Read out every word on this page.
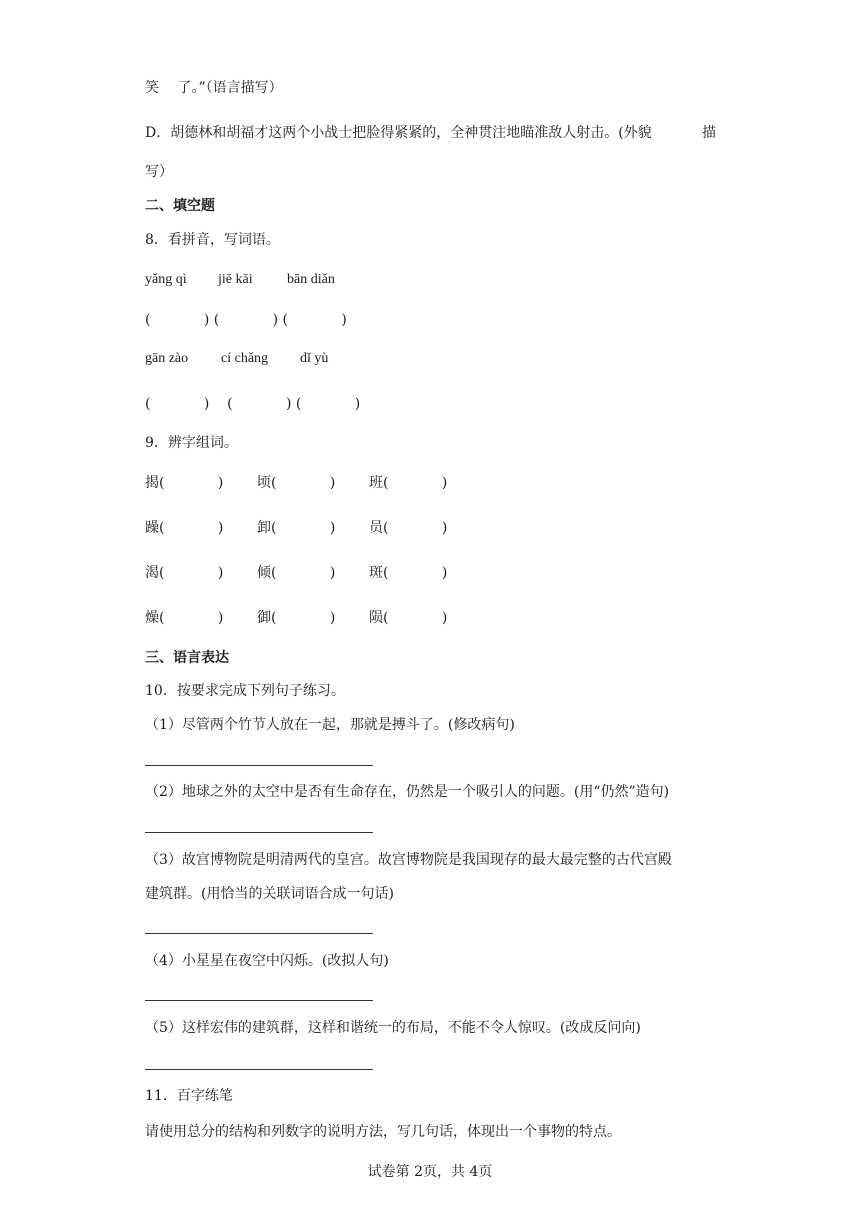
笑　 了。”（语言描写）
D．胡德林和胡福才这两个小战士把脸得紧紧的，全神贯注地瞄准敌人射击。(外貌	描
写）
二、填空题
8．看拼音，写词语。
yǎng qì jiē kāi bān diǎn
(            ) (            ) (            )
gān zào cí chǎng dǐ yù
(            )    (            ) (            )
9．辨字组词。
揭(            ) 顷(            ) 班(            )
躁(            ) 卸(            ) 员(            )
渴(            ) 倾(            ) 斑(            )
燥(            ) 御(            ) 陨(            )
三、语言表达
10．按要求完成下列句子练习。
（1）尽管两个竹节人放在一起，那就是搏斗了。(修改病句)
（2）地球之外的太空中是否有生命存在，仍然是一个吸引人的问题。(用“仍然”造句)
（3）故宫博物院是明清两代的皇宫。故宫博物院是我国现存的最大最完整的古代宫殿
建筑群。(用恰当的关联词语合成一句话)
（4）小星星在夜空中闪烁。(改拟人句)
（5）这样宏伟的建筑群，这样和谐统一的布局，不能不令人惊叹。(改成反问向)
11．百字练笔
请使用总分的结构和列数字的说明方法，写几句话，体现出一个事物的特点。
试卷第 2页，共 4页
